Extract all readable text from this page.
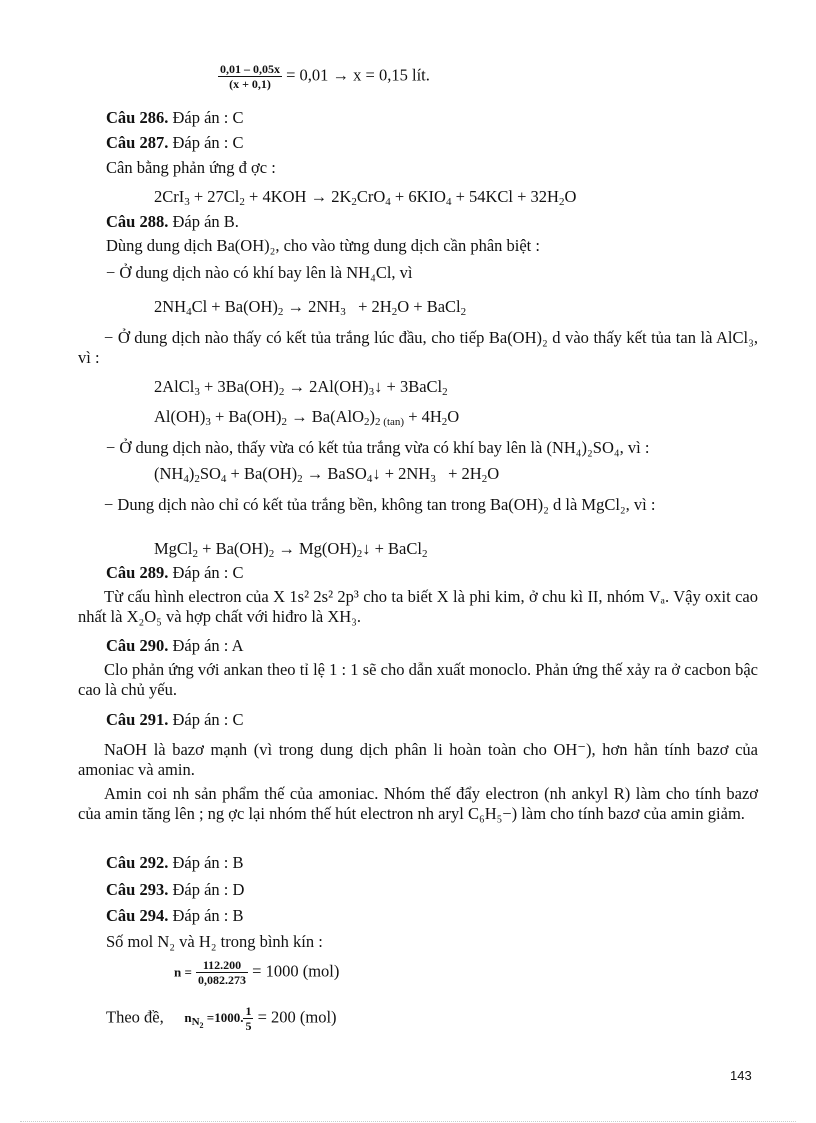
$\frac{0,01 - 0,05x}{(x + 0,1)} = 0,01 \to x = 0,15$ lít.
Câu 286. Đáp án : C
Câu 287. Đáp án : C
Cân bằng phản ứng đ ợc :
$2CrI_3 + 27Cl_2 + 4KOH \to 2K_2CrO_4 + 6KIO_4 + 54KCl + 32H_2O$
Câu 288. Đáp án B.
Dùng dung dịch Ba(OH)₂, cho vào từng dung dịch cần phân biệt :
− Ở dung dịch nào có khí bay lên là NH₄Cl, vì
$2NH_4Cl + Ba(OH)_2 \to 2NH_3 + 2H_2O$ + BaCl$_2$
− Ở dung dịch nào thấy có kết tủa trắng lúc đầu, cho tiếp Ba(OH)₂ d vào thấy kết tủa tan là AlCl₃, vì :
2AlCl$_3$ + $3Ba(OH)_2$ → $2Al(OH)_3↓$ + 3BaCl$_2$
$Al(OH)_3 + Ba(OH)_2 \to Ba(AlO_2)_{2 (tan)} + 4H_2O$
− Ở dung dịch nào, thấy vừa có kết tủa trắng vừa có khí bay lên là (NH₄)₂SO₄, vì :
$(NH_4)_2SO_4 + Ba(OH)_2$ → BaSO$_4$↓ + $2NH_3 + 2H_2O$
− Dung dịch nào chỉ có kết tủa trắng bền, không tan trong Ba(OH)₂ d là MgCl₂, vì :
MgCl$_2$ + $Ba(OH)_2$ → $Mg(OH)_2↓$ + BaCl$_2$
Câu 289. Đáp án : C
Từ cấu hình electron của X 1s² 2s² 2p³ cho ta biết X là phi kim, ở chu kì II, nhóm Vₐ. Vậy oxit cao nhất là X₂O₅ và hợp chất với hiđro là XH₃.
Câu 290. Đáp án : A
Clo phản ứng với ankan theo tỉ lệ 1 : 1 sẽ cho dẫn xuất monoclo. Phản ứng thế xảy ra ở cacbon bậc cao là chủ yếu.
Câu 291. Đáp án : C
NaOH là bazơ mạnh (vì trong dung dịch phân li hoàn toàn cho OH⁻), hơn hẳn tính bazơ của amoniac và amin.
Amin coi nh sản phẩm thế của amoniac. Nhóm thế đẩy electron (nh ankyl R) làm cho tính bazơ của amin tăng lên ; ng ợc lại nhóm thế hút electron nh aryl C₆H₅−) làm cho tính bazơ của amin giảm.
Câu 292. Đáp án : B
Câu 293. Đáp án : D
Câu 294. Đáp án : B
Số mol N₂ và H₂ trong bình kín :
$n = \frac{112.200}{0,082.273} = 1000$ (mol)
Theo đề, $n_{N_2} =1000$. $\frac{1}{5} = 200$ (mol)
143
